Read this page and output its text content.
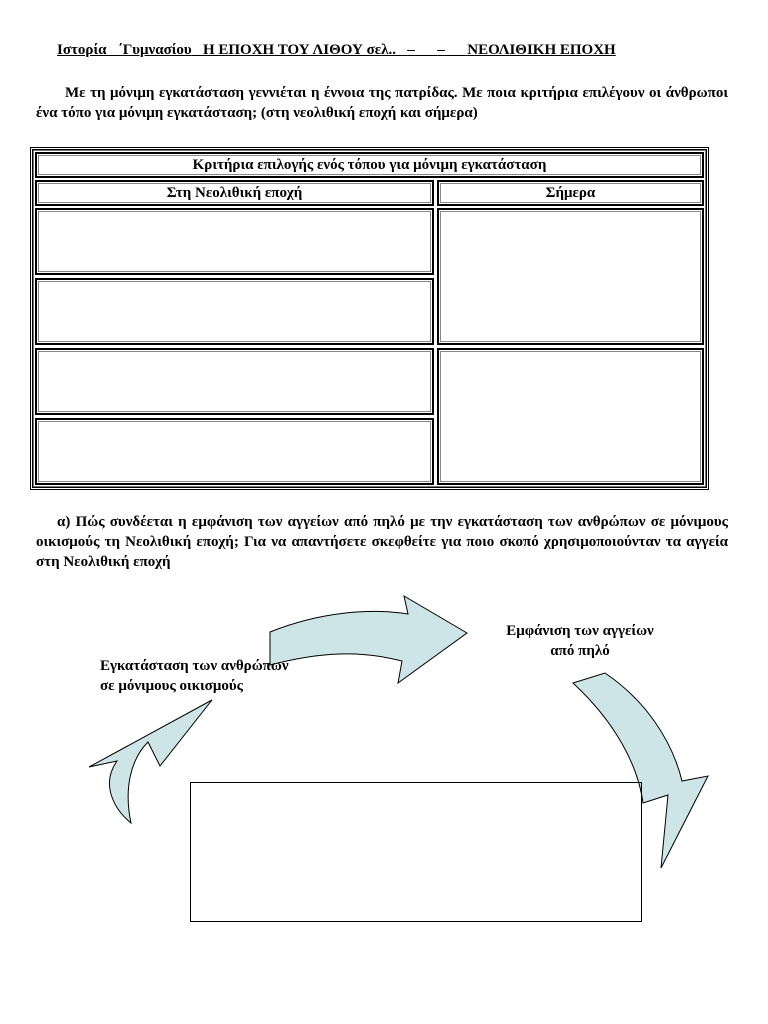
Ιστορία ΄Γυμνασίου Η ΕΠΟΧΗ ΤΟΥ ΛΙΘΟΥ σελ.. – – ΝΕΟΛΙΘΙΚΗ ΕΠΟΧΗ
Με τη μόνιμη εγκατάσταση γεννιέται η έννοια της πατρίδας. Με ποια κριτήρια επιλέγουν οι άνθρωποι ένα τόπο για μόνιμη εγκατάσταση; (στη νεολιθική εποχή και σήμερα)
Κριτήρια επιλογής ενός τόπου για μόνιμη εγκατάσταση
Στη Νεολιθική εποχή	Σήμερα
α) Πώς συνδέεται η εμφάνιση των αγγείων από πηλό με την εγκατάσταση των ανθρώπων σε μόνιμους οικισμούς τη Νεολιθική εποχή; Για να απαντήσετε σκεφθείτε για ποιο σκοπό χρησιμοποιούνταν τα αγγεία στη Νεολιθική εποχή
Εγκατάσταση των ανθρώπων
σε μόνιμους οικισμούς
Εμφάνιση των αγγείων
από πηλό
